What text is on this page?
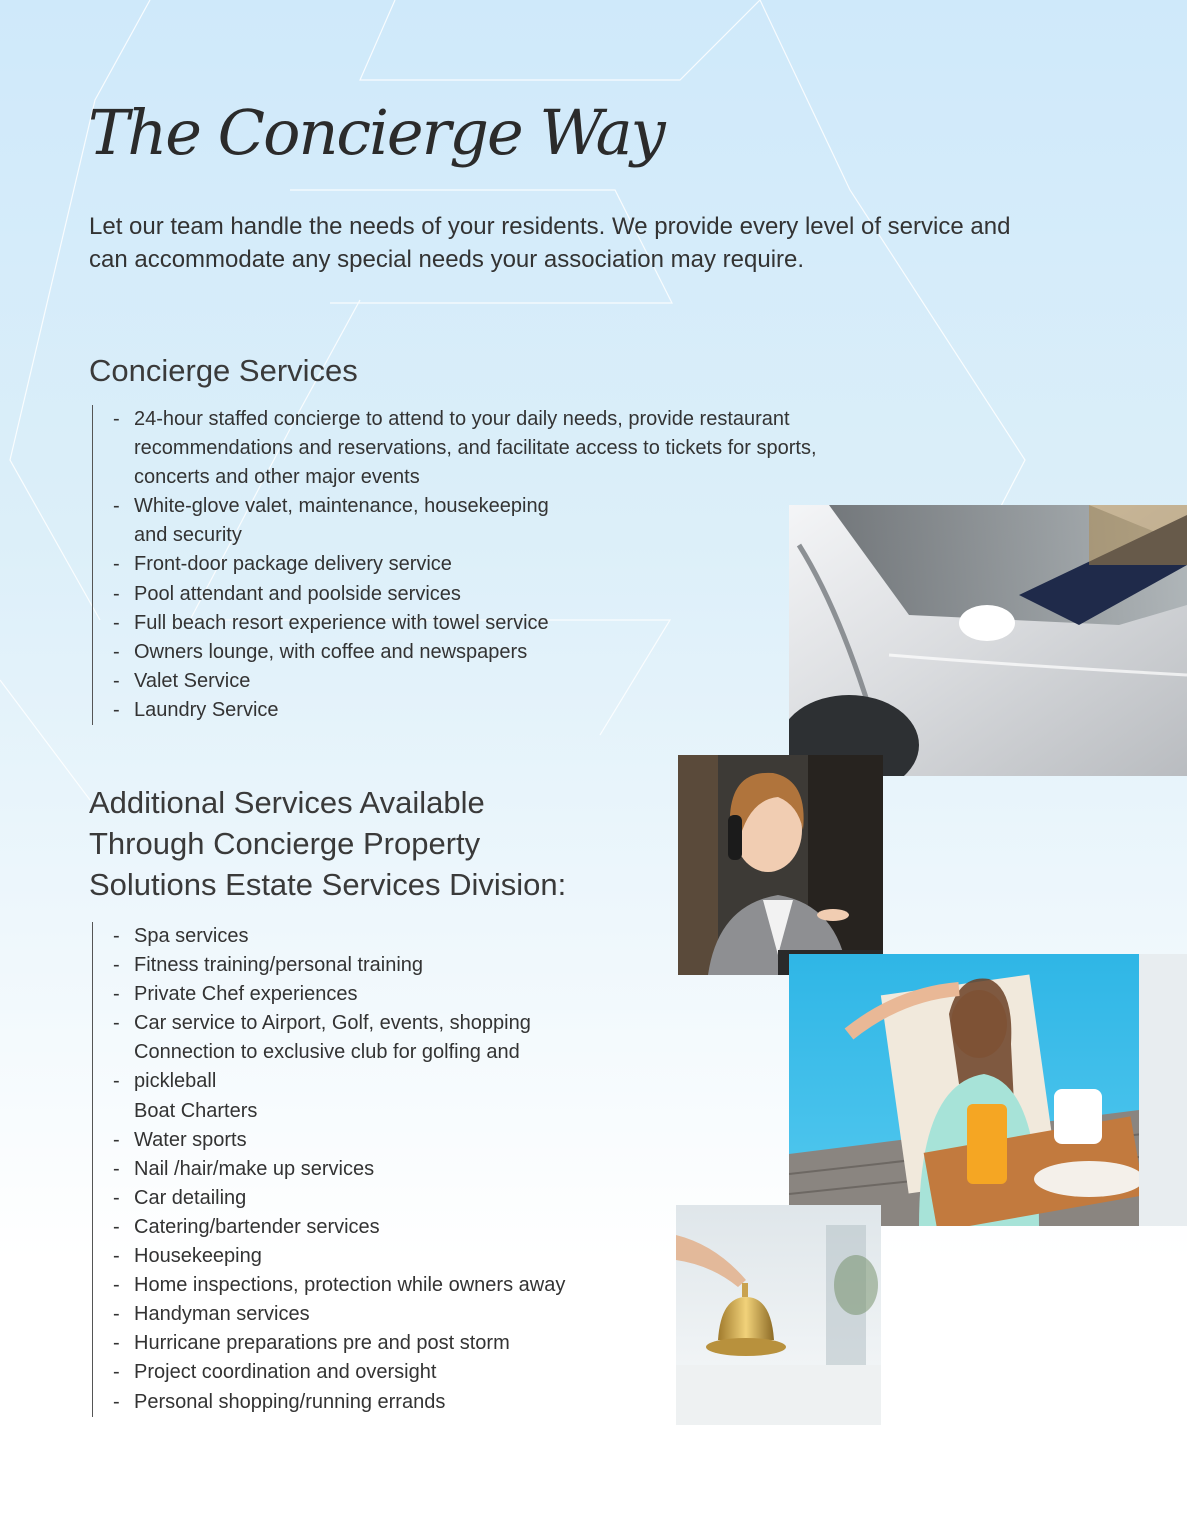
The Concierge Way

Let our team handle the needs of your residents. We provide every level of service and can accommodate any special needs your association may require.

Concierge Services
- 24-hour staffed concierge to attend to your daily needs, provide restaurant
recommendations and reservations, and facilitate access to tickets for sports,
concerts and other major events
- White-glove valet, maintenance, housekeeping
and security
- Front-door package delivery service
- Pool attendant and poolside services
- Full beach resort experience with towel service
- Owners lounge, with coffee and newspapers
- Valet Service
- Laundry Service
Additional Services Available
Through Concierge Property
Solutions Estate Services Division:
- Spa services
- Fitness training/personal training
- Private Chef experiences
- Car service to Airport, Golf, events, shopping
Connection to exclusive club for golfing and
- pickleball
Boat Charters
- Water sports
- Nail /hair/make up services
- Car detailing
- Catering/bartender services
- Housekeeping
- Home inspections, protection while owners away
- Handyman services
- Hurricane preparations pre and post storm
- Project coordination and oversight
- Personal shopping/running errands
